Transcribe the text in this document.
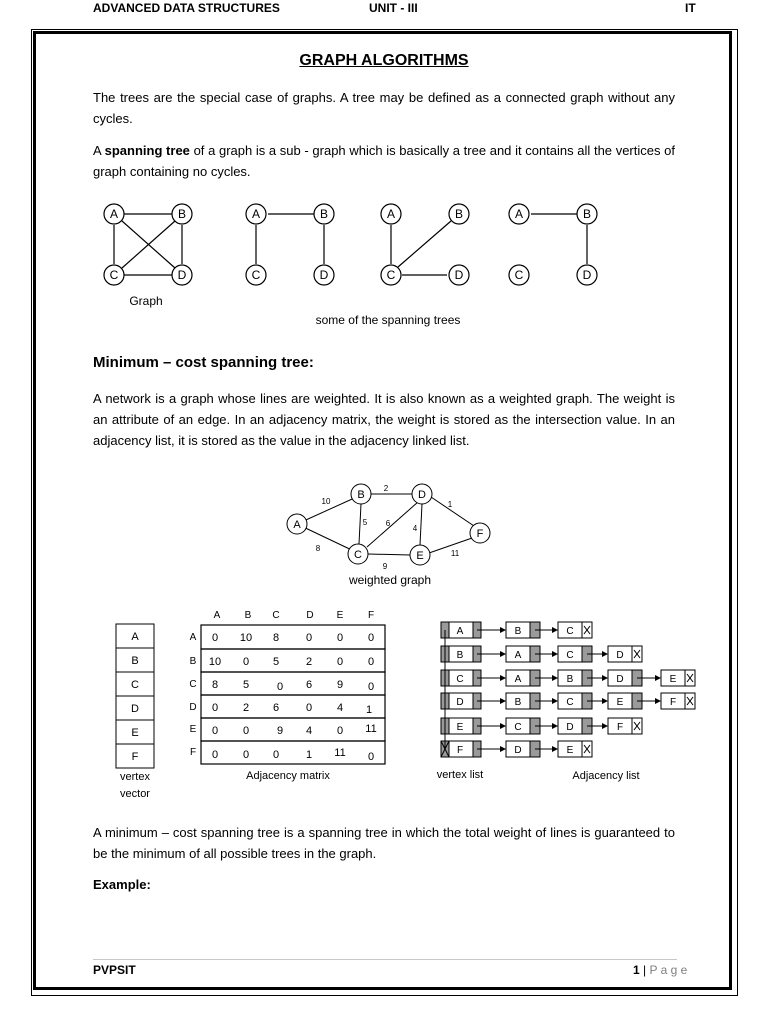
ADVANCED DATA STRUCTURES	UNIT - III	IT
GRAPH ALGORITHMS

The trees are the special case of graphs. A tree may be defined as a connected graph without any cycles.

A spanning tree of a graph is a sub - graph which is basically a tree and it contains all the vertices of graph containing no cycles.

A	B
C	D
A	B
C	D
A	B
C	D
A	B
C	D
Graph
some of the spanning trees
Minimum – cost spanning tree:

A network is a graph whose lines are weighted. It is also known as a weighted graph. The weight is an attribute of an edge. In an adjacency matrix, the weight is stored as the intersection value. In an adjacency list, it is stored as the value in the adjacency linked list.

A
B
C
D
E
F
10
8
2
5 6
4
1
9
11
weighted graph
A
B
C
D
E
F
vertex
vector
A B C	D E F
A
B
C
D
E
F
0 10 8 0 0 0
10 0 5 2 0 0
8 5	0 6 9 0
0 2 6 0 4 1
0 0	9 4 0 11
0 0 0 1 11 0
Adjacency matrix
A	B	C
B	A	C	D
C	A	B	D	E
D	B	C	E	F
E	C	D	F
F	D	E
vertex list	Adjacency list

A minimum – cost spanning tree is a spanning tree in which the total weight of lines is guaranteed to be the minimum of all possible trees in the graph.

Example:
PVPSIT	1 | P a g e
